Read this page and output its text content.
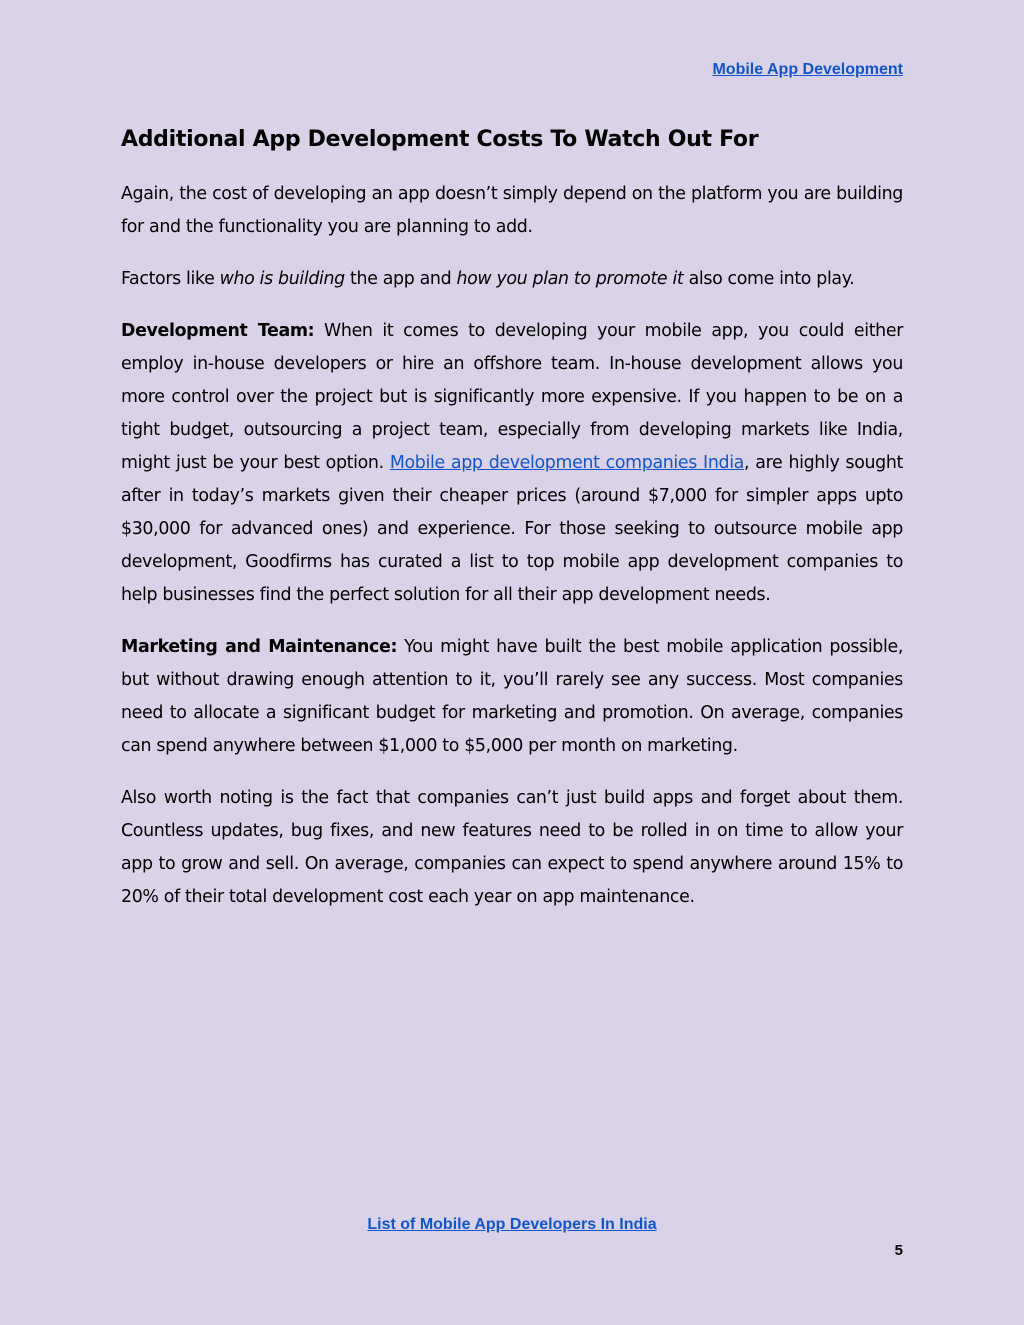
Mobile App Development
Additional App Development Costs To Watch Out For

Again, the cost of developing an app doesn’t simply depend on the platform you are building for and the functionality you are planning to add.

Factors like who is building the app and how you plan to promote it also come into play.

Development Team: When it comes to developing your mobile app, you could either employ in-house developers or hire an offshore team. In-house development allows you more control over the project but is significantly more expensive. If you happen to be on a tight budget, outsourcing a project team, especially from developing markets like India, might just be your best option. Mobile app development companies India, are highly sought after in today’s markets given their cheaper prices (around $7,000 for simpler apps upto $30,000 for advanced ones) and experience. For those seeking to outsource mobile app development, Goodfirms has curated a list to top mobile app development companies to help businesses find the perfect solution for all their app development needs.

Marketing and Maintenance: You might have built the best mobile application possible, but without drawing enough attention to it, you’ll rarely see any success. Most companies need to allocate a significant budget for marketing and promotion. On average, companies can spend anywhere between $1,000 to $5,000 per month on marketing.

Also worth noting is the fact that companies can’t just build apps and forget about them. Countless updates, bug fixes, and new features need to be rolled in on time to allow your app to grow and sell. On average, companies can expect to spend anywhere around 15% to 20% of their total development cost each year on app maintenance.

List of Mobile App Developers In India
5
